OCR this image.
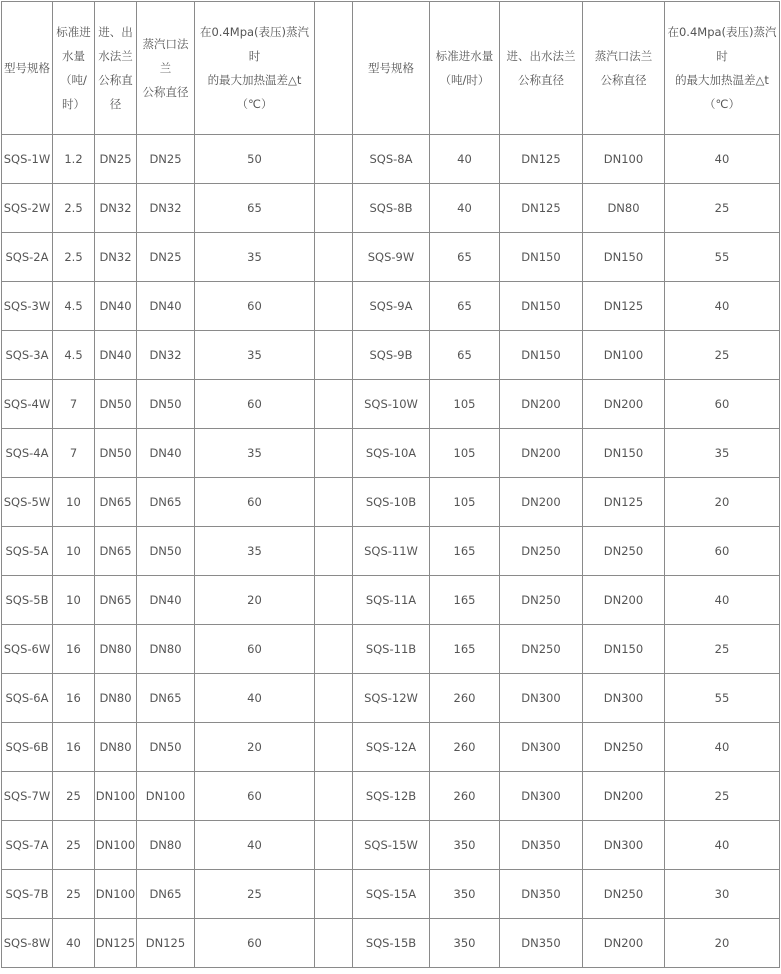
型号规格	标准进
水量
（吨/
时）	进、出
水法兰
公称直
径	蒸汽口法
兰
公称直径	在0.4Mpa(表压)蒸汽
时
的最大加热温差△t
（℃）		型号规格	标准进水量
（吨/时）	进、出水法兰
公称直径	蒸汽口法兰
公称直径	在0.4Mpa(表压)蒸汽
时
的最大加热温差△t
（℃）

SQS-1W	1.2	DN25	DN25	50		SQS-8A	40	DN125	DN100	40
SQS-2W	2.5	DN32	DN32	65		SQS-8B	40	DN125	DN80	25
SQS-2A	2.5	DN32	DN25	35		SQS-9W	65	DN150	DN150	55
SQS-3W	4.5	DN40	DN40	60		SQS-9A	65	DN150	DN125	40
SQS-3A	4.5	DN40	DN32	35		SQS-9B	65	DN150	DN100	25
SQS-4W	7	DN50	DN50	60		SQS-10W	105	DN200	DN200	60
SQS-4A	7	DN50	DN40	35		SQS-10A	105	DN200	DN150	35
SQS-5W	10	DN65	DN65	60		SQS-10B	105	DN200	DN125	20
SQS-5A	10	DN65	DN50	35		SQS-11W	165	DN250	DN250	60
SQS-5B	10	DN65	DN40	20		SQS-11A	165	DN250	DN200	40
SQS-6W	16	DN80	DN80	60		SQS-11B	165	DN250	DN150	25
SQS-6A	16	DN80	DN65	40		SQS-12W	260	DN300	DN300	55
SQS-6B	16	DN80	DN50	20		SQS-12A	260	DN300	DN250	40
SQS-7W	25	DN100	DN100	60		SQS-12B	260	DN300	DN200	25
SQS-7A	25	DN100	DN80	40		SQS-15W	350	DN350	DN300	40
SQS-7B	25	DN100	DN65	25		SQS-15A	350	DN350	DN250	30
SQS-8W	40	DN125	DN125	60		SQS-15B	350	DN350	DN200	20
